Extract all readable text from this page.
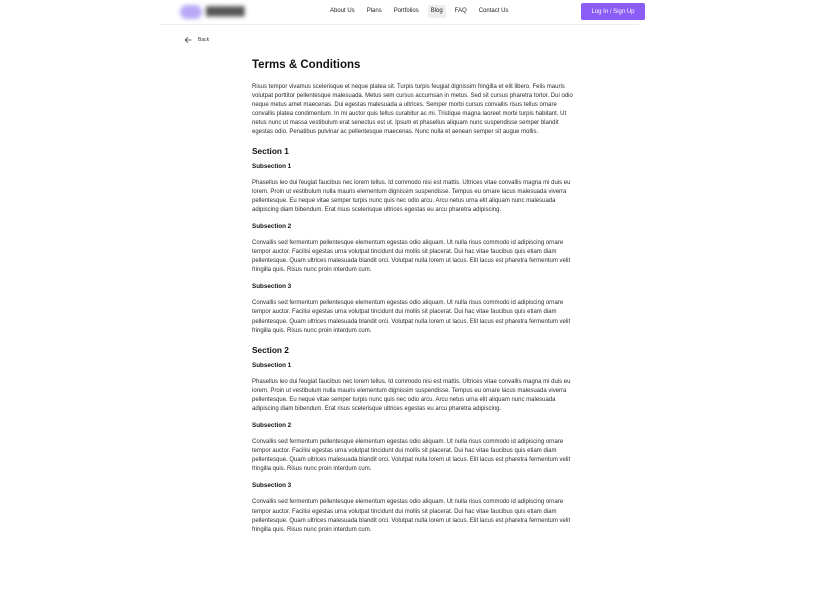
▇▇▇▇▇	About Us	Plans	Portfolios	Blog	FAQ	Contact Us	Log In / Sign Up
Back
Terms & Conditions

Risus tempor vivamus scelerisque et neque platea sit. Turpis turpis feugiat dignissim fringilla et elit libero. Felis mauris volutpat porttitor pellentesque malesuada. Metus sem cursus accumsan in metus. Sed sit cursus pharetra tortor. Dui odio neque metus amet maecenas. Dui egestas malesuada a ultrices. Semper morbi cursus convallis risus tellus ornare convallis platea condimentum. In mi auctor quis tellus curabitur ac mi. Tristique magna laoreet morbi turpis habitant. Ut netus nunc ut massa vestibulum erat senectus est ut. Ipsum et phasellus aliquam nunc suspendisse semper blandit egestas odio. Penatibus pulvinar ac pellentesque maecenas. Nunc nulla et aenean semper sit augue mollis.

Section 1
Subsection 1

Phasellus leo dui feugiat faucibus nec lorem tellus. Id commodo nisi est mattis. Ultrices vitae convallis magna mi duis eu lorem. Proin ut vestibulum nulla mauris elementum dignissim suspendisse. Tempus eu ornare lacus malesuada viverra pellentesque. Eu neque vitae semper turpis nunc quis nec odio arcu. Arcu netus urna elit aliquam nunc malesuada adipiscing diam bibendum. Erat risus scelerisque ultrices egestas eu arcu pharetra adipiscing.

Subsection 2

Convallis sed fermentum pellentesque elementum egestas odio aliquam. Ut nulla risus commodo id adipiscing ornare tempor auctor. Facilisi egestas urna volutpat tincidunt dui mollis sit placerat. Dui hac vitae faucibus quis etiam diam pellentesque. Quam ultrices malesuada blandit orci. Volutpat nulla lorem ut lacus. Elit lacus est pharetra fermentum velit fringilla quis. Risus nunc proin interdum cum.

Subsection 3

Convallis sed fermentum pellentesque elementum egestas odio aliquam. Ut nulla risus commodo id adipiscing ornare tempor auctor. Facilisi egestas urna volutpat tincidunt dui mollis sit placerat. Dui hac vitae faucibus quis etiam diam pellentesque. Quam ultrices malesuada blandit orci. Volutpat nulla lorem ut lacus. Elit lacus est pharetra fermentum velit fringilla quis. Risus nunc proin interdum cum.

Section 2
Subsection 1

Phasellus leo dui feugiat faucibus nec lorem tellus. Id commodo nisi est mattis. Ultrices vitae convallis magna mi duis eu lorem. Proin ut vestibulum nulla mauris elementum dignissim suspendisse. Tempus eu ornare lacus malesuada viverra pellentesque. Eu neque vitae semper turpis nunc quis nec odio arcu. Arcu netus urna elit aliquam nunc malesuada adipiscing diam bibendum. Erat risus scelerisque ultrices egestas eu arcu pharetra adipiscing.

Subsection 2

Convallis sed fermentum pellentesque elementum egestas odio aliquam. Ut nulla risus commodo id adipiscing ornare tempor auctor. Facilisi egestas urna volutpat tincidunt dui mollis sit placerat. Dui hac vitae faucibus quis etiam diam pellentesque. Quam ultrices malesuada blandit orci. Volutpat nulla lorem ut lacus. Elit lacus est pharetra fermentum velit fringilla quis. Risus nunc proin interdum cum.

Subsection 3

Convallis sed fermentum pellentesque elementum egestas odio aliquam. Ut nulla risus commodo id adipiscing ornare tempor auctor. Facilisi egestas urna volutpat tincidunt dui mollis sit placerat. Dui hac vitae faucibus quis etiam diam pellentesque. Quam ultrices malesuada blandit orci. Volutpat nulla lorem ut lacus. Elit lacus est pharetra fermentum velit fringilla quis. Risus nunc proin interdum cum.
